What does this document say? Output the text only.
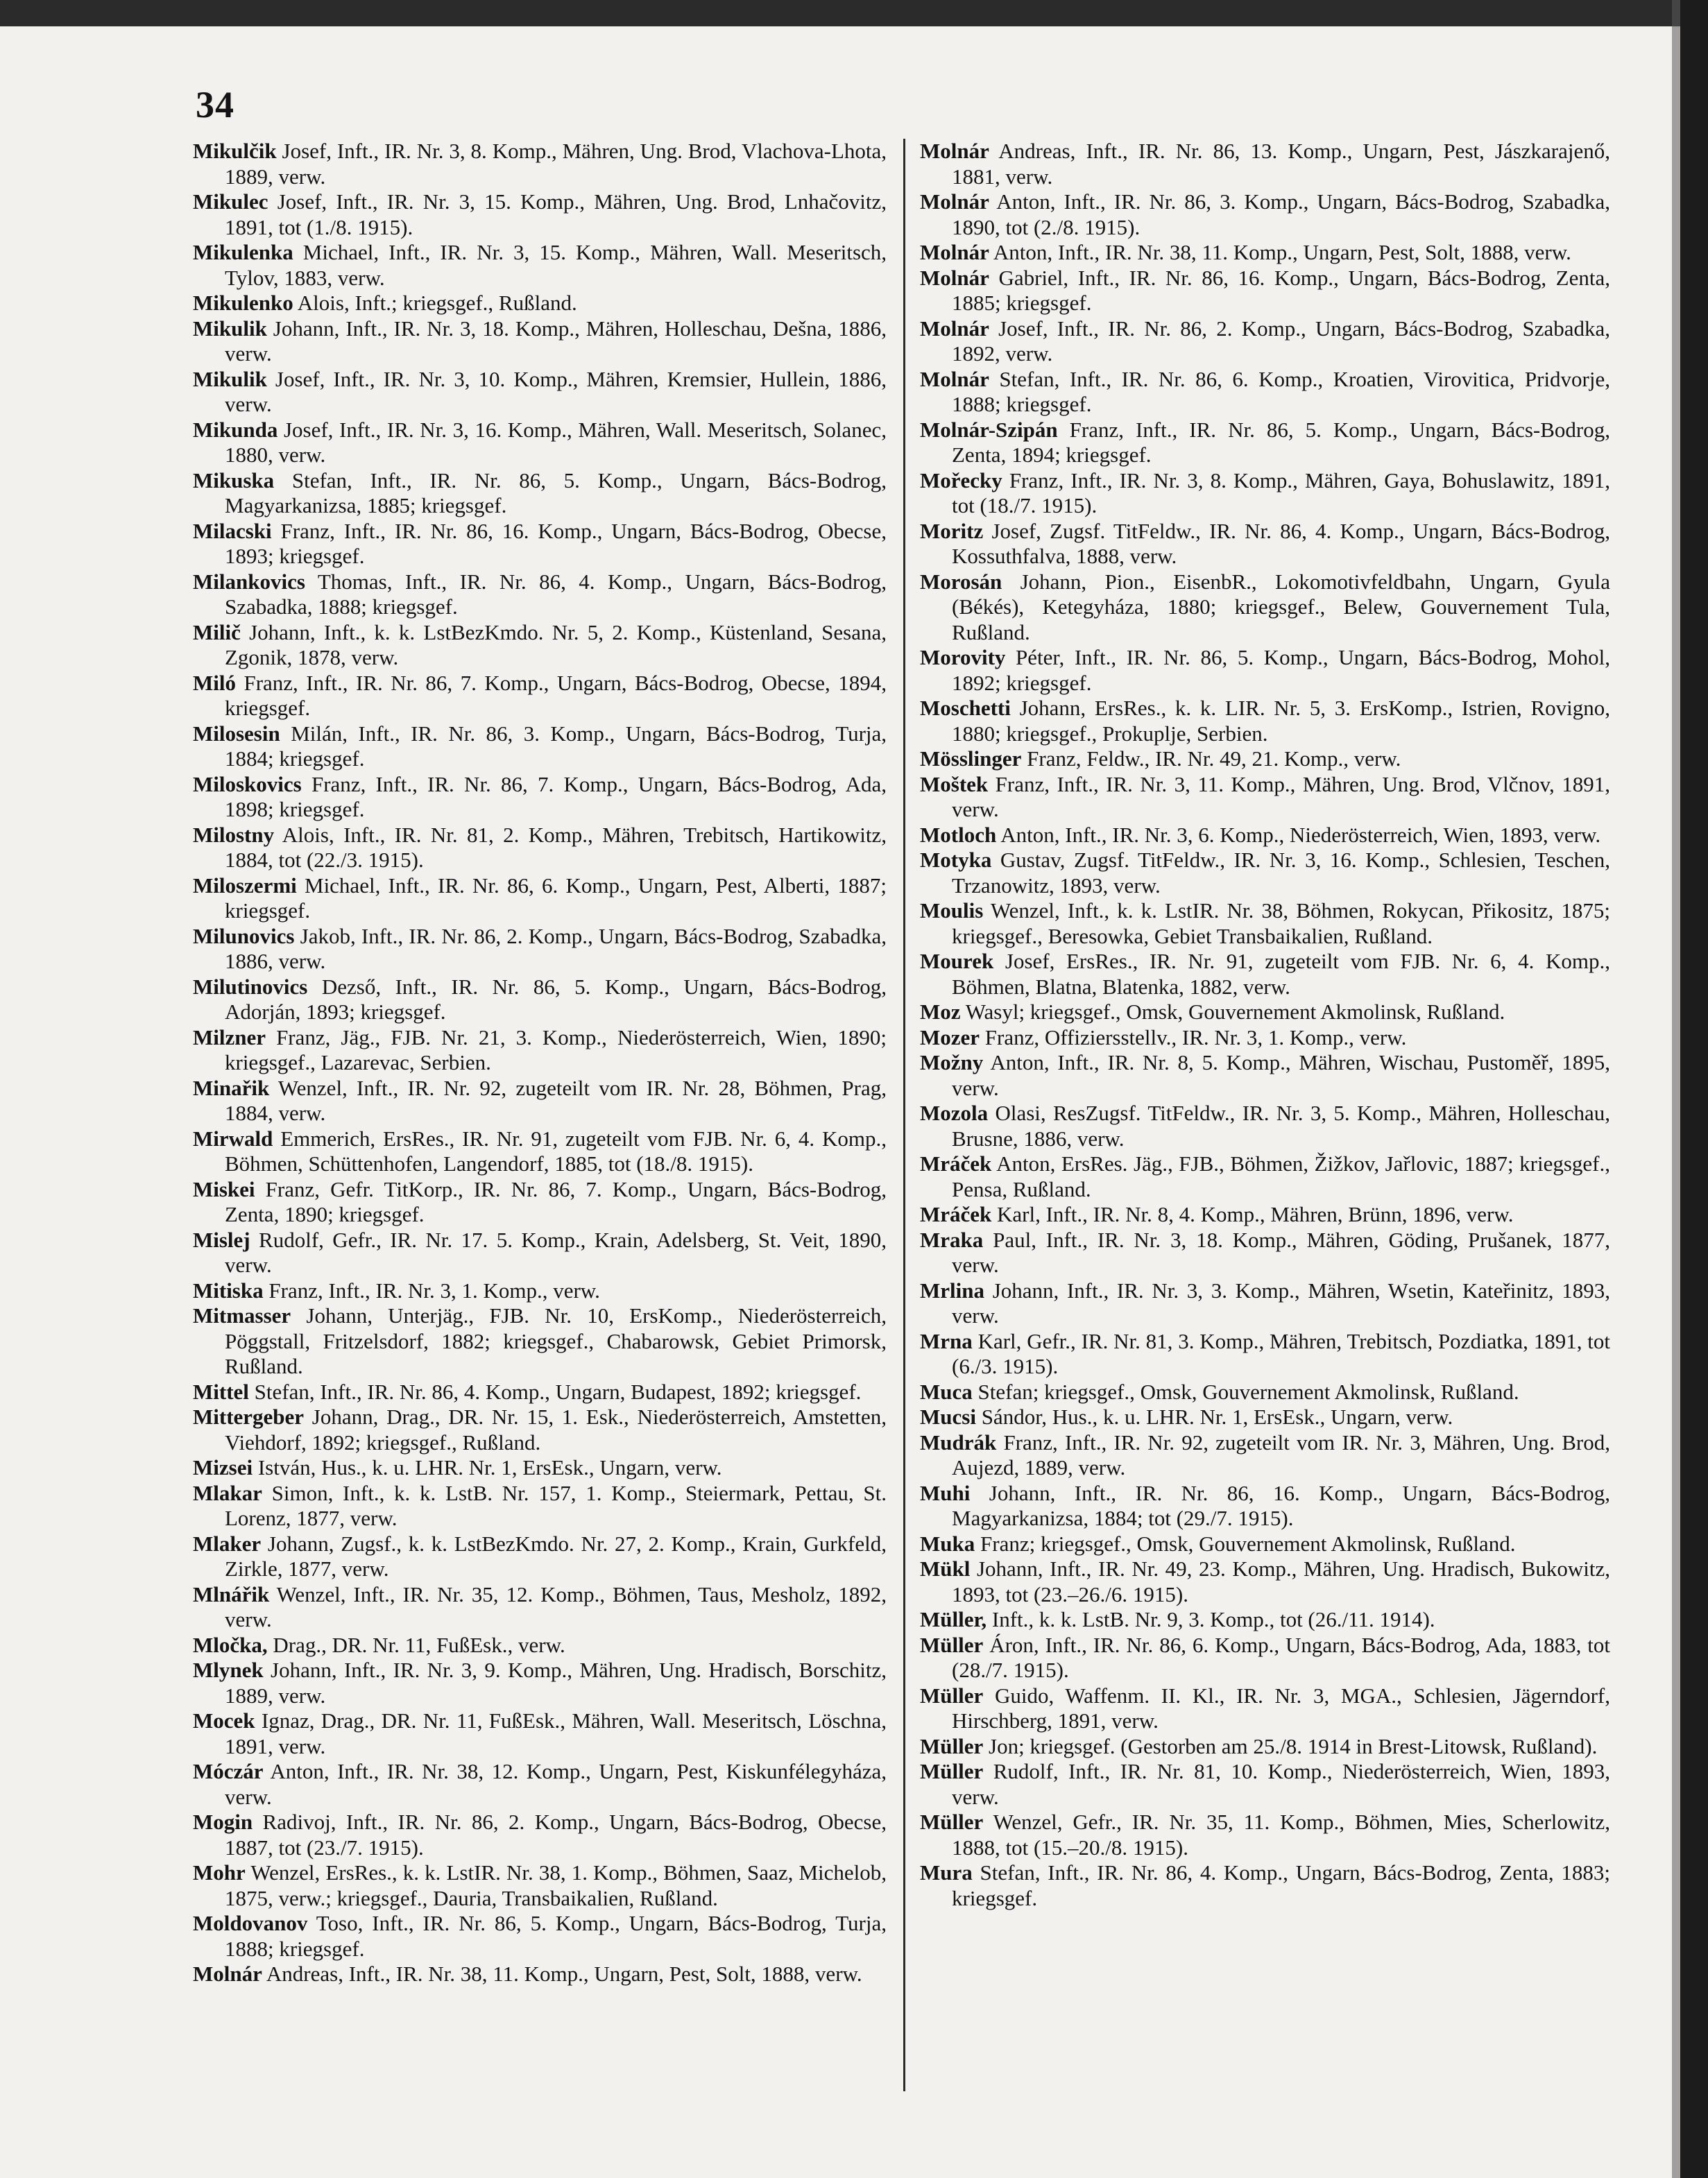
34

Mikulčik Josef, Inft., IR. Nr. 3, 8. Komp., Mähren, Ung. Brod, Vlachova-Lhota, 1889, verw.

Mikulec Josef, Inft., IR. Nr. 3, 15. Komp., Mähren, Ung. Brod, Lnhačovitz, 1891, tot (1./8. 1915).

Mikulenka Michael, Inft., IR. Nr. 3, 15. Komp., Mähren, Wall. Meseritsch, Tylov, 1883, verw.

Mikulenko Alois, Inft.; kriegsgef., Rußland.

Mikulik Johann, Inft., IR. Nr. 3, 18. Komp., Mähren, Holleschau, Dešna, 1886, verw.

Mikulik Josef, Inft., IR. Nr. 3, 10. Komp., Mähren, Kremsier, Hullein, 1886, verw.

Mikunda Josef, Inft., IR. Nr. 3, 16. Komp., Mähren, Wall. Meseritsch, Solanec, 1880, verw.

Mikuska Stefan, Inft., IR. Nr. 86, 5. Komp., Ungarn, Bács-Bodrog, Magyarkanizsa, 1885; kriegsgef.

Milacski Franz, Inft., IR. Nr. 86, 16. Komp., Ungarn, Bács-Bodrog, Obecse, 1893; kriegsgef.

Milankovics Thomas, Inft., IR. Nr. 86, 4. Komp., Ungarn, Bács-Bodrog, Szabadka, 1888; kriegsgef.

Milič Johann, Inft., k. k. LstBezKmdo. Nr. 5, 2. Komp., Küstenland, Sesana, Zgonik, 1878, verw.

Miló Franz, Inft., IR. Nr. 86, 7. Komp., Ungarn, Bács-Bodrog, Obecse, 1894, kriegsgef.

Milosesin Milán, Inft., IR. Nr. 86, 3. Komp., Ungarn, Bács-Bodrog, Turja, 1884; kriegsgef.

Miloskovics Franz, Inft., IR. Nr. 86, 7. Komp., Ungarn, Bács-Bodrog, Ada, 1898; kriegsgef.

Milostny Alois, Inft., IR. Nr. 81, 2. Komp., Mähren, Trebitsch, Hartikowitz, 1884, tot (22./3. 1915).

Miloszermi Michael, Inft., IR. Nr. 86, 6. Komp., Ungarn, Pest, Alberti, 1887; kriegsgef.

Milunovics Jakob, Inft., IR. Nr. 86, 2. Komp., Ungarn, Bács-Bodrog, Szabadka, 1886, verw.

Milutinovics Dezső, Inft., IR. Nr. 86, 5. Komp., Ungarn, Bács-Bodrog, Adorján, 1893; kriegsgef.

Milzner Franz, Jäg., FJB. Nr. 21, 3. Komp., Niederösterreich, Wien, 1890; kriegsgef., Lazarevac, Serbien.

Minařik Wenzel, Inft., IR. Nr. 92, zugeteilt vom IR. Nr. 28, Böhmen, Prag, 1884, verw.

Mirwald Emmerich, ErsRes., IR. Nr. 91, zugeteilt vom FJB. Nr. 6, 4. Komp., Böhmen, Schüttenhofen, Langendorf, 1885, tot (18./8. 1915).

Miskei Franz, Gefr. TitKorp., IR. Nr. 86, 7. Komp., Ungarn, Bács-Bodrog, Zenta, 1890; kriegsgef.

Mislej Rudolf, Gefr., IR. Nr. 17. 5. Komp., Krain, Adelsberg, St. Veit, 1890, verw.

Mitiska Franz, Inft., IR. Nr. 3, 1. Komp., verw.

Mitmasser Johann, Unterjäg., FJB. Nr. 10, ErsKomp., Niederösterreich, Pöggstall, Fritzelsdorf, 1882; kriegsgef., Chabarowsk, Gebiet Primorsk, Rußland.

Mittel Stefan, Inft., IR. Nr. 86, 4. Komp., Ungarn, Budapest, 1892; kriegsgef.

Mittergeber Johann, Drag., DR. Nr. 15, 1. Esk., Niederösterreich, Amstetten, Viehdorf, 1892; kriegsgef., Rußland.

Mizsei István, Hus., k. u. LHR. Nr. 1, ErsEsk., Ungarn, verw.

Mlakar Simon, Inft., k. k. LstB. Nr. 157, 1. Komp., Steiermark, Pettau, St. Lorenz, 1877, verw.

Mlaker Johann, Zugsf., k. k. LstBezKmdo. Nr. 27, 2. Komp., Krain, Gurkfeld, Zirkle, 1877, verw.

Mlnářik Wenzel, Inft., IR. Nr. 35, 12. Komp., Böhmen, Taus, Mesholz, 1892, verw.

Mločka, Drag., DR. Nr. 11, FußEsk., verw.

Mlynek Johann, Inft., IR. Nr. 3, 9. Komp., Mähren, Ung. Hradisch, Borschitz, 1889, verw.

Mocek Ignaz, Drag., DR. Nr. 11, FußEsk., Mähren, Wall. Meseritsch, Löschna, 1891, verw.

Móczár Anton, Inft., IR. Nr. 38, 12. Komp., Ungarn, Pest, Kiskunfélegyháza, verw.

Mogin Radivoj, Inft., IR. Nr. 86, 2. Komp., Ungarn, Bács-Bodrog, Obecse, 1887, tot (23./7. 1915).

Mohr Wenzel, ErsRes., k. k. LstIR. Nr. 38, 1. Komp., Böhmen, Saaz, Michelob, 1875, verw.; kriegsgef., Dauria, Transbaikalien, Rußland.

Moldovanov Toso, Inft., IR. Nr. 86, 5. Komp., Ungarn, Bács-Bodrog, Turja, 1888; kriegsgef.

Molnár Andreas, Inft., IR. Nr. 38, 11. Komp., Ungarn, Pest, Solt, 1888, verw.

Molnár Andreas, Inft., IR. Nr. 86, 13. Komp., Ungarn, Pest, Jászkarajenő, 1881, verw.

Molnár Anton, Inft., IR. Nr. 86, 3. Komp., Ungarn, Bács-Bodrog, Szabadka, 1890, tot (2./8. 1915).

Molnár Anton, Inft., IR. Nr. 38, 11. Komp., Ungarn, Pest, Solt, 1888, verw.

Molnár Gabriel, Inft., IR. Nr. 86, 16. Komp., Ungarn, Bács-Bodrog, Zenta, 1885; kriegsgef.

Molnár Josef, Inft., IR. Nr. 86, 2. Komp., Ungarn, Bács-Bodrog, Szabadka, 1892, verw.

Molnár Stefan, Inft., IR. Nr. 86, 6. Komp., Kroatien, Virovitica, Pridvorje, 1888; kriegsgef.

Molnár-Szipán Franz, Inft., IR. Nr. 86, 5. Komp., Ungarn, Bács-Bodrog, Zenta, 1894; kriegsgef.

Mořecky Franz, Inft., IR. Nr. 3, 8. Komp., Mähren, Gaya, Bohuslawitz, 1891, tot (18./7. 1915).

Moritz Josef, Zugsf. TitFeldw., IR. Nr. 86, 4. Komp., Ungarn, Bács-Bodrog, Kossuthfalva, 1888, verw.

Morosán Johann, Pion., EisenbR., Lokomotivfeldbahn, Ungarn, Gyula (Békés), Ketegyháza, 1880; kriegsgef., Belew, Gouvernement Tula, Rußland.

Morovity Péter, Inft., IR. Nr. 86, 5. Komp., Ungarn, Bács-Bodrog, Mohol, 1892; kriegsgef.

Moschetti Johann, ErsRes., k. k. LIR. Nr. 5, 3. ErsKomp., Istrien, Rovigno, 1880; kriegsgef., Prokuplje, Serbien.

Mösslinger Franz, Feldw., IR. Nr. 49, 21. Komp., verw.

Moštek Franz, Inft., IR. Nr. 3, 11. Komp., Mähren, Ung. Brod, Vlčnov, 1891, verw.

Motloch Anton, Inft., IR. Nr. 3, 6. Komp., Niederösterreich, Wien, 1893, verw.

Motyka Gustav, Zugsf. TitFeldw., IR. Nr. 3, 16. Komp., Schlesien, Teschen, Trzanowitz, 1893, verw.

Moulis Wenzel, Inft., k. k. LstIR. Nr. 38, Böhmen, Rokycan, Přikositz, 1875; kriegsgef., Beresowka, Gebiet Transbaikalien, Rußland.

Mourek Josef, ErsRes., IR. Nr. 91, zugeteilt vom FJB. Nr. 6, 4. Komp., Böhmen, Blatna, Blatenka, 1882, verw.

Moz Wasyl; kriegsgef., Omsk, Gouvernement Akmolinsk, Rußland.

Mozer Franz, Offiziersstellv., IR. Nr. 3, 1. Komp., verw.

Možny Anton, Inft., IR. Nr. 8, 5. Komp., Mähren, Wischau, Pustoměř, 1895, verw.

Mozola Olasi, ResZugsf. TitFeldw., IR. Nr. 3, 5. Komp., Mähren, Holleschau, Brusne, 1886, verw.

Mráček Anton, ErsRes. Jäg., FJB., Böhmen, Žižkov, Jařlovic, 1887; kriegsgef., Pensa, Rußland.

Mráček Karl, Inft., IR. Nr. 8, 4. Komp., Mähren, Brünn, 1896, verw.

Mraka Paul, Inft., IR. Nr. 3, 18. Komp., Mähren, Göding, Prušanek, 1877, verw.

Mrlina Johann, Inft., IR. Nr. 3, 3. Komp., Mähren, Wsetin, Kateřinitz, 1893, verw.

Mrna Karl, Gefr., IR. Nr. 81, 3. Komp., Mähren, Trebitsch, Pozdiatka, 1891, tot (6./3. 1915).

Muca Stefan; kriegsgef., Omsk, Gouvernement Akmolinsk, Rußland.

Mucsi Sándor, Hus., k. u. LHR. Nr. 1, ErsEsk., Ungarn, verw.

Mudrák Franz, Inft., IR. Nr. 92, zugeteilt vom IR. Nr. 3, Mähren, Ung. Brod, Aujezd, 1889, verw.

Muhi Johann, Inft., IR. Nr. 86, 16. Komp., Ungarn, Bács-Bodrog, Magyarkanizsa, 1884; tot (29./7. 1915).

Muka Franz; kriegsgef., Omsk, Gouvernement Akmolinsk, Rußland.

Mükl Johann, Inft., IR. Nr. 49, 23. Komp., Mähren, Ung. Hradisch, Bukowitz, 1893, tot (23.–26./6. 1915).

Müller, Inft., k. k. LstB. Nr. 9, 3. Komp., tot (26./11. 1914).

Müller Áron, Inft., IR. Nr. 86, 6. Komp., Ungarn, Bács-Bodrog, Ada, 1883, tot (28./7. 1915).

Müller Guido, Waffenm. II. Kl., IR. Nr. 3, MGA., Schlesien, Jägerndorf, Hirschberg, 1891, verw.

Müller Jon; kriegsgef. (Gestorben am 25./8. 1914 in Brest-Litowsk, Rußland).

Müller Rudolf, Inft., IR. Nr. 81, 10. Komp., Niederösterreich, Wien, 1893, verw.

Müller Wenzel, Gefr., IR. Nr. 35, 11. Komp., Böhmen, Mies, Scherlowitz, 1888, tot (15.–20./8. 1915).

Mura Stefan, Inft., IR. Nr. 86, 4. Komp., Ungarn, Bács-Bodrog, Zenta, 1883; kriegsgef.
